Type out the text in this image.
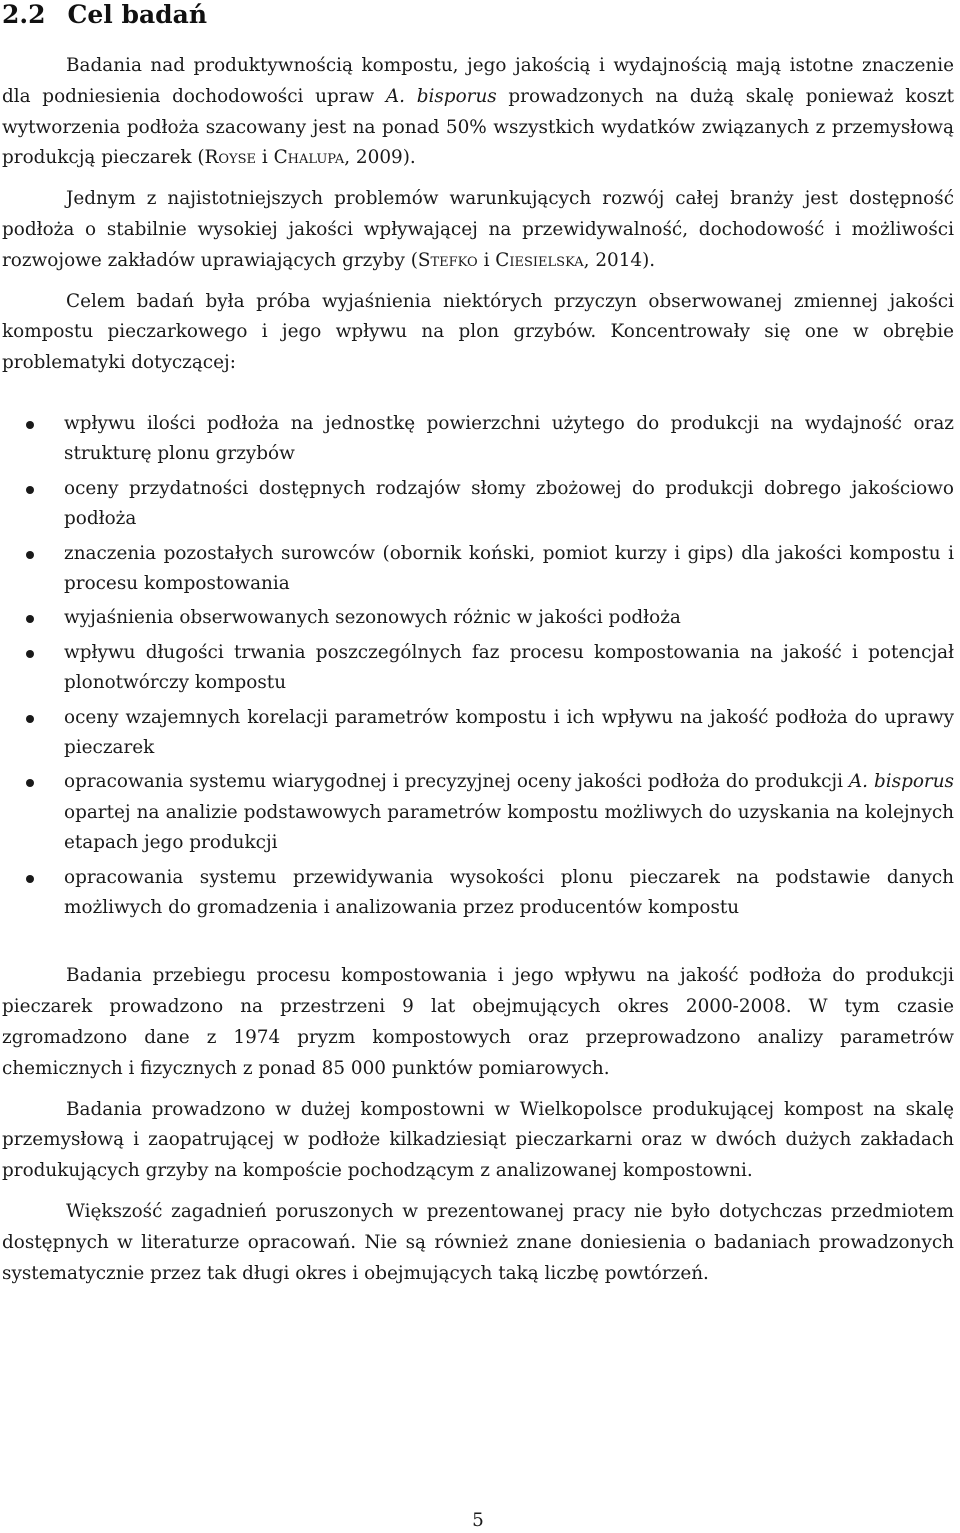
2.2 Cel badań

Badania nad produktywnością kompostu, jego jakością i wydajnością mają istotne znaczenie dla podniesienia dochodowości upraw A. bisporus prowadzonych na dużą skalę ponieważ koszt wytworzenia podłoża szacowany jest na ponad 50% wszystkich wydatków związanych z przemysłową produkcją pieczarek (Royse i Chalupa, 2009).

Jednym z najistotniejszych problemów warunkujących rozwój całej branży jest dostępność podłoża o stabilnie wysokiej jakości wpływającej na przewidywalność, dochodowość i możliwości rozwojowe zakładów uprawiających grzyby (Stefko i Ciesielska, 2014).

Celem badań była próba wyjaśnienia niektórych przyczyn obserwowanej zmiennej jakości kompostu pieczarkowego i jego wpływu na plon grzybów. Koncentrowały się one w obrębie problematyki dotyczącej:

wpływu ilości podłoża na jednostkę powierzchni użytego do produkcji na wydajność oraz strukturę plonu grzybów
oceny przydatności dostępnych rodzajów słomy zbożowej do produkcji dobrego jakościowo podłoża
znaczenia pozostałych surowców (obornik koński, pomiot kurzy i gips) dla jakości kompostu i procesu kompostowania
wyjaśnienia obserwowanych sezonowych różnic w jakości podłoża
wpływu długości trwania poszczególnych faz procesu kompostowania na jakość i potencjał plonotwórczy kompostu
oceny wzajemnych korelacji parametrów kompostu i ich wpływu na jakość podłoża do uprawy pieczarek
opracowania systemu wiarygodnej i precyzyjnej oceny jakości podłoża do produkcji A. bisporus opartej na analizie podstawowych parametrów kompostu możliwych do uzyskania na kolejnych etapach jego produkcji
opracowania systemu przewidywania wysokości plonu pieczarek na podstawie danych możliwych do gromadzenia i analizowania przez producentów kompostu

Badania przebiegu procesu kompostowania i jego wpływu na jakość podłoża do produkcji pieczarek prowadzono na przestrzeni 9 lat obejmujących okres 2000-2008. W tym czasie zgromadzono dane z 1974 pryzm kompostowych oraz przeprowadzono analizy parametrów chemicznych i fizycznych z ponad 85 000 punktów pomiarowych.

Badania prowadzono w dużej kompostowni w Wielkopolsce produkującej kompost na skalę przemysłową i zaopatrującej w podłoże kilkadziesiąt pieczarkarni oraz w dwóch dużych zakładach produkujących grzyby na kompoście pochodzącym z analizowanej kompostowni.

Większość zagadnień poruszonych w prezentowanej pracy nie było dotychczas przedmiotem dostępnych w literaturze opracowań. Nie są również znane doniesienia o badaniach prowadzonych systematycznie przez tak długi okres i obejmujących taką liczbę powtórzeń.

5
